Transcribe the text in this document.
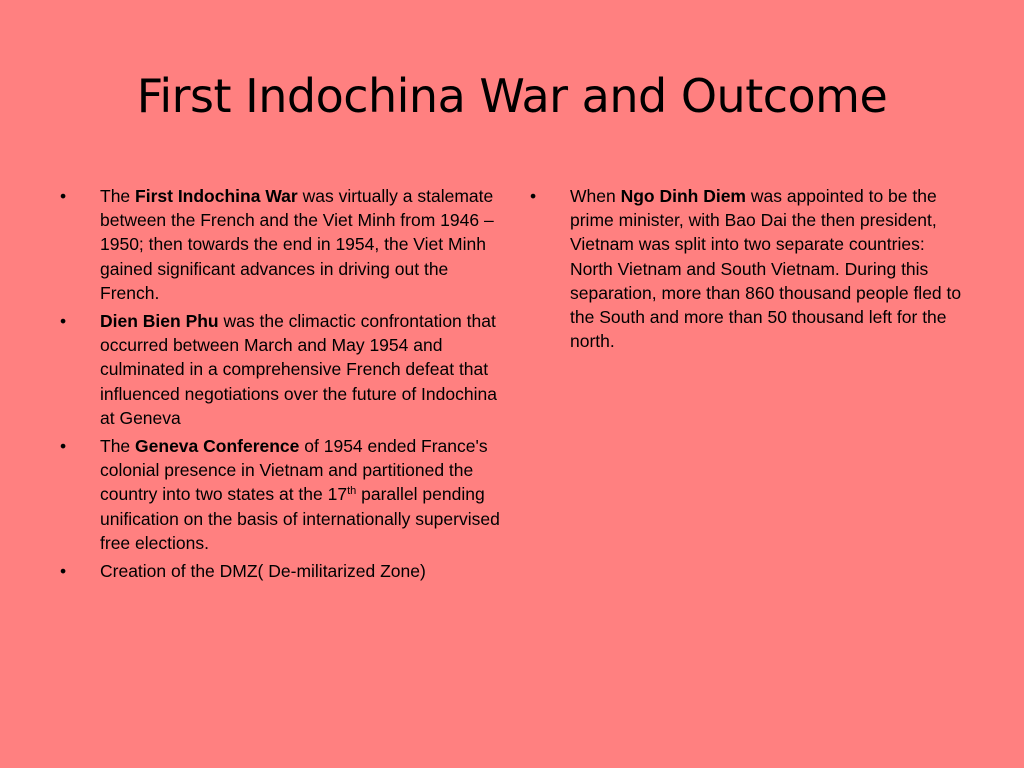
First Indochina War and Outcome
• The First Indochina War was virtually a stalemate between the French and the Viet Minh from 1946 – 1950; then towards the end in 1954, the Viet Minh gained significant advances in driving out the French.
• Dien Bien Phu was the climactic confrontation that occurred between March and May 1954 and culminated in a comprehensive French defeat that influenced negotiations over the future of Indochina at Geneva
• The Geneva Conference of 1954 ended France's colonial presence in Vietnam and partitioned the country into two states at the 17th parallel pending unification on the basis of internationally supervised free elections.
• Creation of the DMZ( De-militarized Zone)
• When Ngo Dinh Diem was appointed to be the prime minister, with Bao Dai the then president, Vietnam was split into two separate countries: North Vietnam and South Vietnam. During this separation, more than 860 thousand people fled to the South and more than 50 thousand left for the north.
